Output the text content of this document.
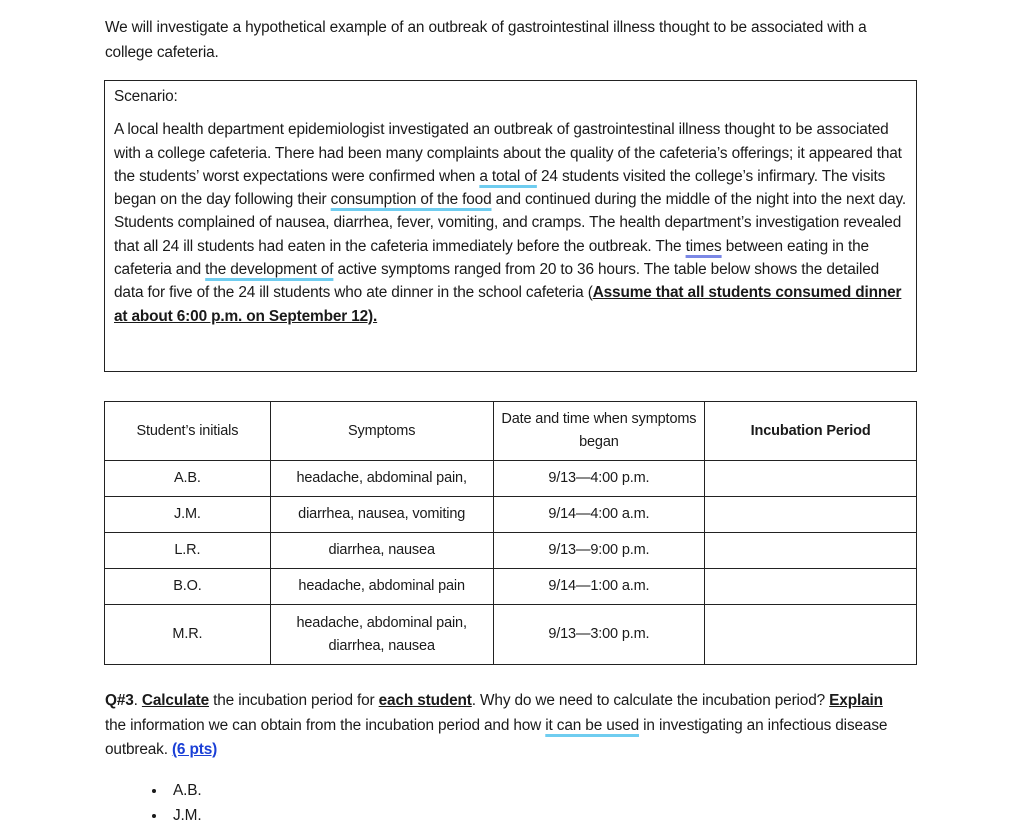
We will investigate a hypothetical example of an outbreak of gastrointestinal illness thought to be associated with a college cafeteria.

Scenario:

A local health department epidemiologist investigated an outbreak of gastrointestinal illness thought to be associated with a college cafeteria. There had been many complaints about the quality of the cafeteria’s offerings; it appeared that the students’ worst expectations were confirmed when a total of 24 students visited the college’s infirmary. The visits began on the day following their consumption of the food and continued during the middle of the night into the next day. Students complained of nausea, diarrhea, fever, vomiting, and cramps. The health department’s investigation revealed that all 24 ill students had eaten in the cafeteria immediately before the outbreak. The times between eating in the cafeteria and the development of active symptoms ranged from 20 to 36 hours. The table below shows the detailed data for five of the 24 ill students who ate dinner in the school cafeteria (Assume that all students consumed dinner at about 6:00 p.m. on September 12).

Student’s initials	Symptoms	Date and time when symptoms began	Incubation Period
A.B.	headache, abdominal pain,	9/13—4:00 p.m.	
J.M.	diarrhea, nausea, vomiting	9/14—4:00 a.m.	
L.R.	diarrhea, nausea	9/13—9:00 p.m.	
B.O.	headache, abdominal pain	9/14—1:00 a.m.	
M.R.	headache, abdominal pain, diarrhea, nausea	9/13—3:00 p.m.	
Q#3. Calculate the incubation period for each student. Why do we need to calculate the incubation period? Explain the information we can obtain from the incubation period and how it can be used in investigating an infectious disease outbreak. (6 pts)
• A.B.
• J.M.
